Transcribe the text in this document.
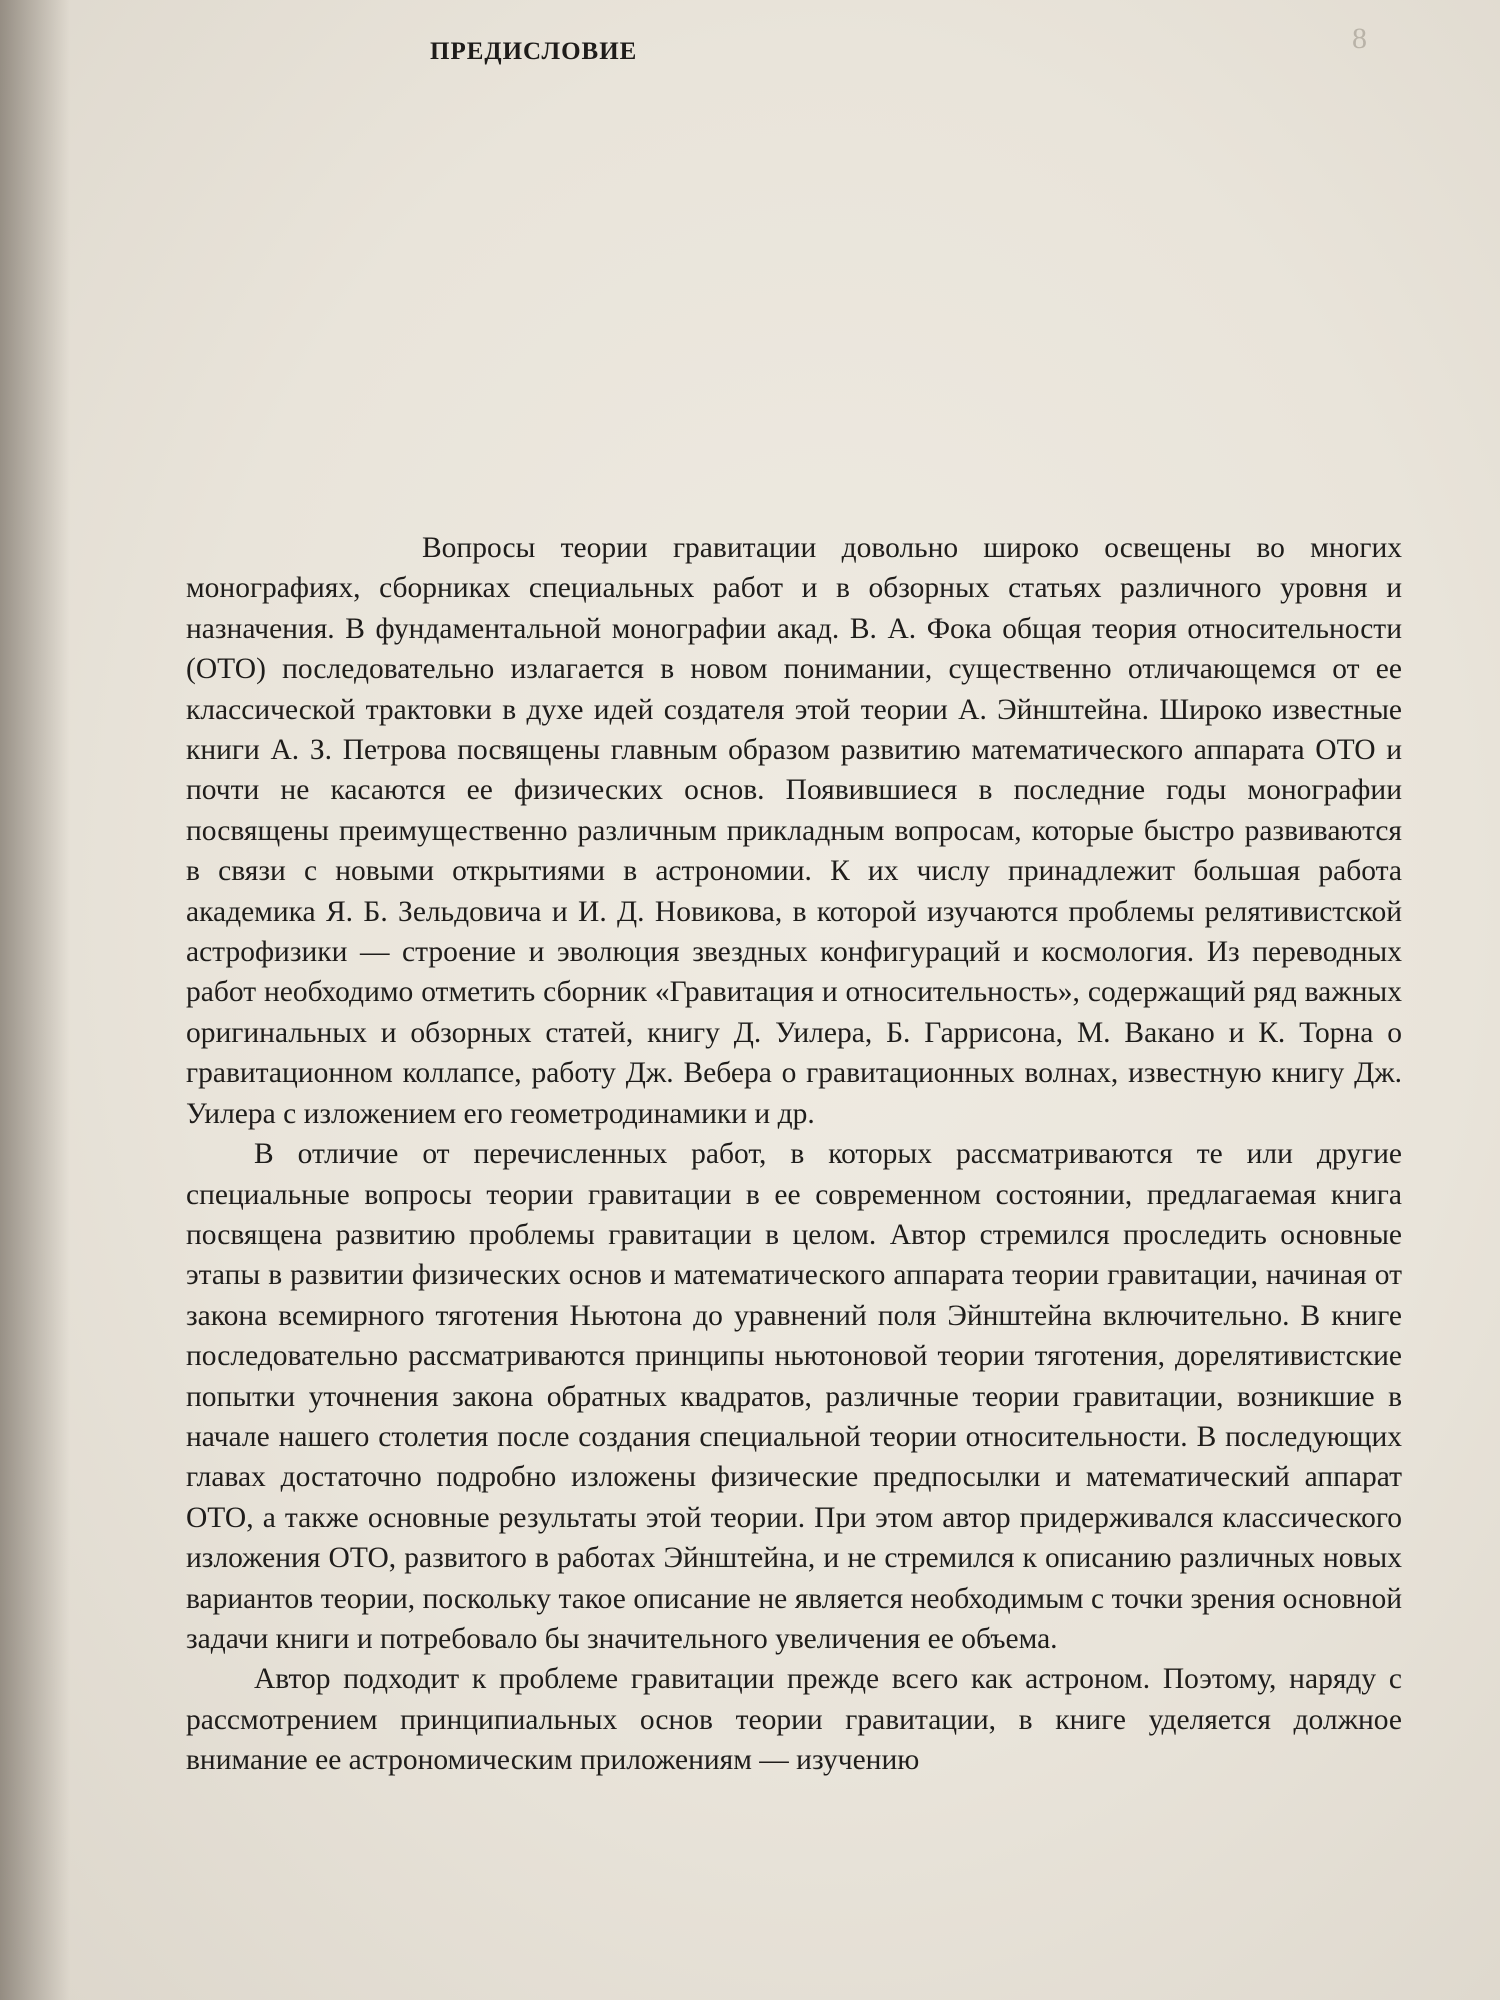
ПРЕДИСЛОВИЕ	8

Вопросы теории гравитации довольно широко освещены во многих монографиях, сборниках специальных работ и в обзорных статьях различного уровня и назначения. В фундаментальной монографии акад. В. А. Фока общая теория относительности (ОТО) последовательно излагается в новом понимании, существенно отличающемся от ее классической трактовки в духе идей создателя этой теории А. Эйнштейна. Широко известные книги А. З. Петрова посвящены главным образом развитию математического аппарата ОТО и почти не касаются ее физических основ. Появившиеся в последние годы монографии посвящены преимущественно различным прикладным вопросам, которые быстро развиваются в связи с новыми открытиями в астрономии. К их числу принадлежит большая работа академика Я. Б. Зельдовича и И. Д. Новикова, в которой изучаются проблемы релятивистской астрофизики — строение и эволюция звездных конфигураций и космология. Из переводных работ необходимо отметить сборник «Гравитация и относительность», содержащий ряд важных оригинальных и обзорных статей, книгу Д. Уилера, Б. Гаррисона, М. Вакано и К. Торна о гравитационном коллапсе, работу Дж. Вебера о гравитационных волнах, известную книгу Дж. Уилера с изложением его геометродинамики и др.

В отличие от перечисленных работ, в которых рассматриваются те или другие специальные вопросы теории гравитации в ее современном состоянии, предлагаемая книга посвящена развитию проблемы гравитации в целом. Автор стремился проследить основные этапы в развитии физических основ и математического аппарата теории гравитации, начиная от закона всемирного тяготения Ньютона до уравнений поля Эйнштейна включительно. В книге последовательно рассматриваются принципы ньютоновой теории тяготения, дорелятивистские попытки уточнения закона обратных квадратов, различные теории гравитации, возникшие в начале нашего столетия после создания специальной теории относительности. В последующих главах достаточно подробно изложены физические предпосылки и математический аппарат ОТО, а также основные результаты этой теории. При этом автор придерживался классического изложения ОТО, развитого в работах Эйнштейна, и не стремился к описанию различных новых вариантов теории, поскольку такое описание не является необходимым с точки зрения основной задачи книги и потребовало бы значительного увеличения ее объема.

Автор подходит к проблеме гравитации прежде всего как астроном. Поэтому, наряду с рассмотрением принципиальных основ теории гравитации, в книге уделяется должное внимание ее астрономическим приложениям — изучению
